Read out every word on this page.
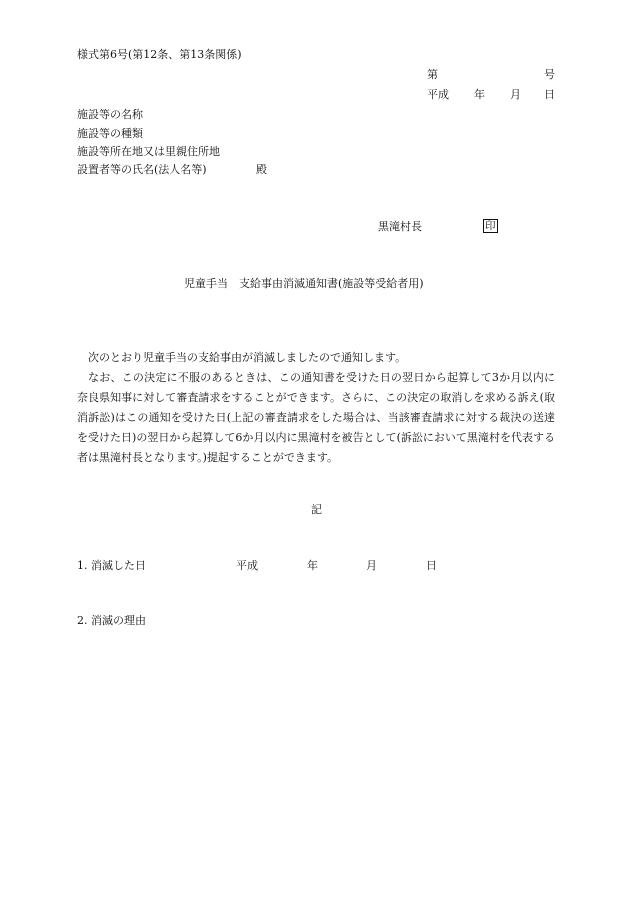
様式第6号(第12条、第13条関係)
第	号
平成 年 月 日
施設等の名称
施設等の種類
施設等所在地又は里親住所地
設置者等の氏名(法人名等)	殿
黒滝村長	印
児童手当　支給事由消滅通知書(施設等受給者用)

次のとおり児童手当の支給事由が消滅しましたので通知します。

なお、この決定に不服のあるときは、この通知書を受けた日の翌日から起算して3か月以内に奈良県知事に対して審査請求をすることができます。さらに、この決定の取消しを求める訴え(取消訴訟)はこの通知を受けた日(上記の審査請求をした場合は、当該審査請求に対する裁決の送達を受けた日)の翌日から起算して6か月以内に黒滝村を被告として(訴訟において黒滝村を代表する者は黒滝村長となります。)提起することができます。

記
1. 消滅した日	平成	年	月	日
2. 消滅の理由
